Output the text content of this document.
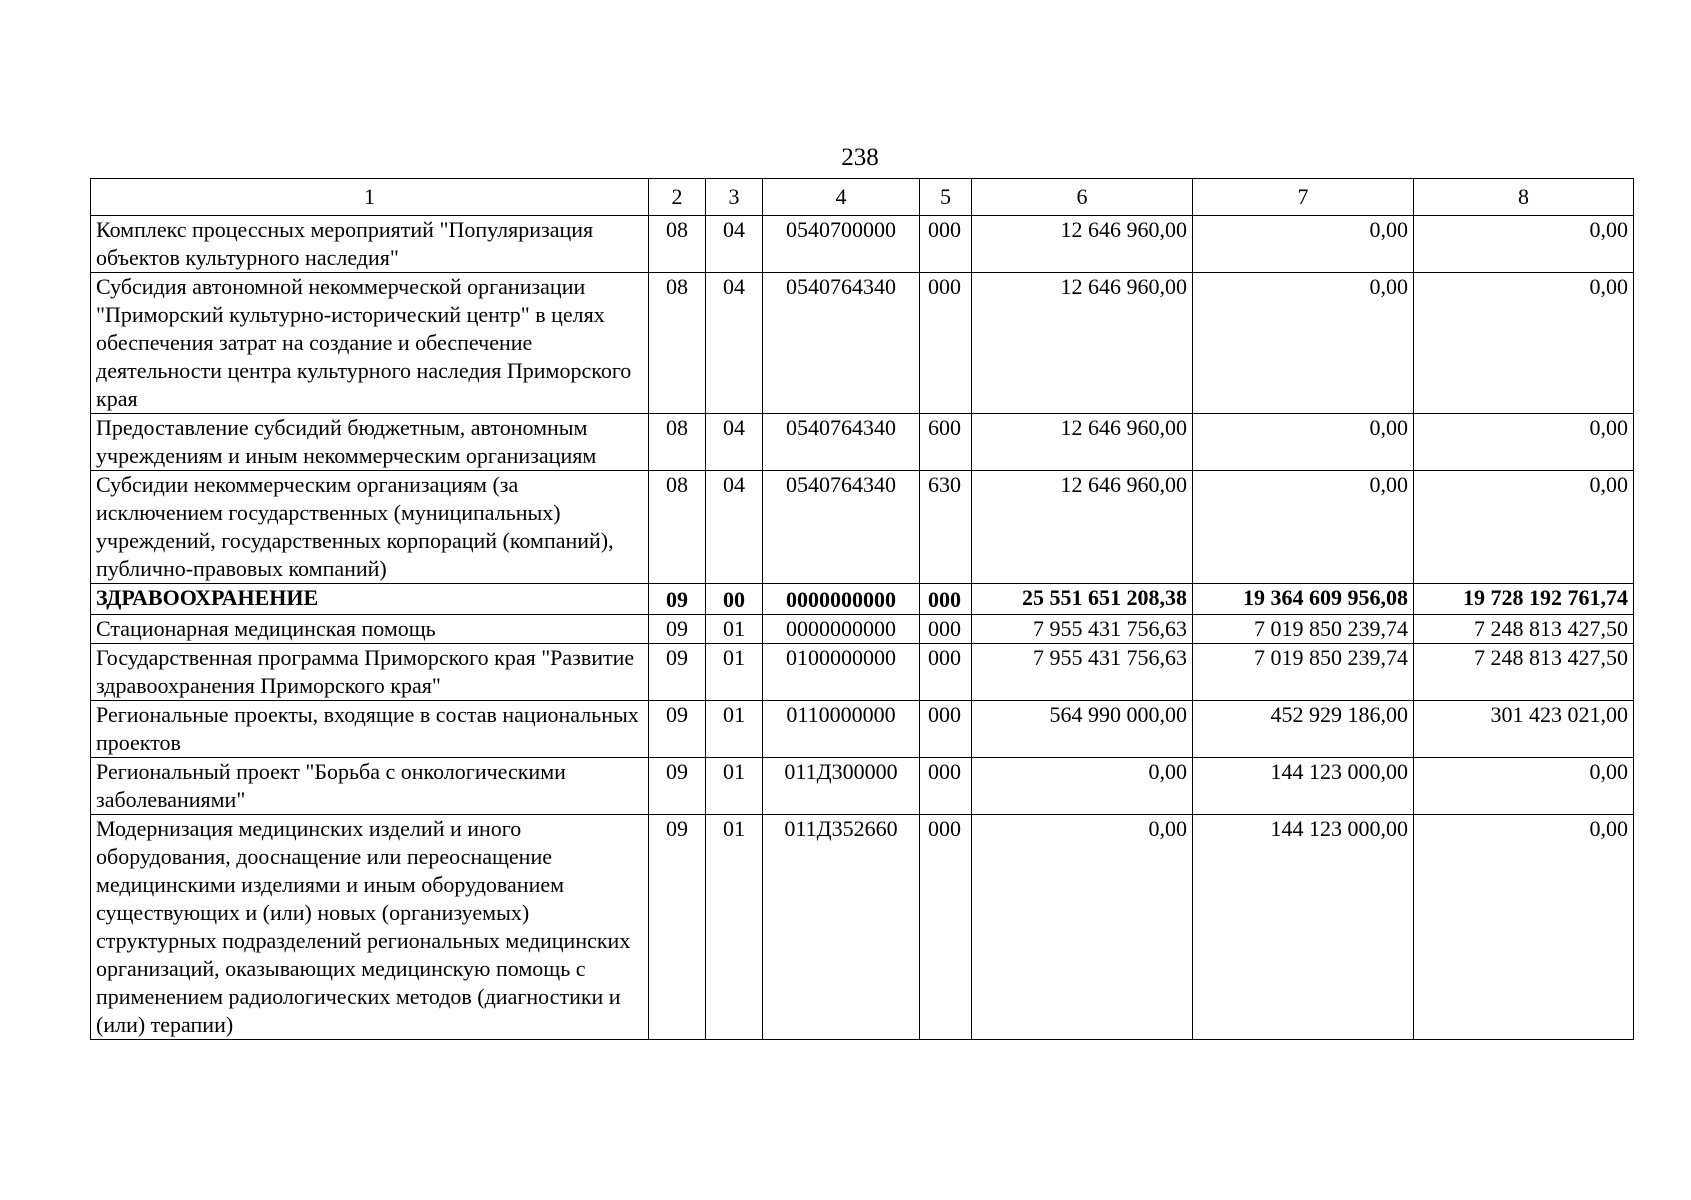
238
1	2	3	4	5	6	7	8
Комплекс процессных мероприятий "Популяризация объектов культурного наследия"	08	04	0540700000	000	12 646 960,00	0,00	0,00
Субсидия автономной некоммерческой организации "Приморский культурно-исторический центр" в целях обеспечения затрат на создание и обеспечение деятельности центра культурного наследия Приморского края	08	04	0540764340	000	12 646 960,00	0,00	0,00
Предоставление субсидий бюджетным, автономным учреждениям и иным некоммерческим организациям	08	04	0540764340	600	12 646 960,00	0,00	0,00
Субсидии некоммерческим организациям (за исключением государственных (муниципальных) учреждений, государственных корпораций (компаний), публично-правовых компаний)	08	04	0540764340	630	12 646 960,00	0,00	0,00
ЗДРАВООХРАНЕНИЕ	09	00	0000000000	000	25 551 651 208,38	19 364 609 956,08	19 728 192 761,74
Стационарная медицинская помощь	09	01	0000000000	000	7 955 431 756,63	7 019 850 239,74	7 248 813 427,50
Государственная программа Приморского края "Развитие здравоохранения Приморского края"	09	01	0100000000	000	7 955 431 756,63	7 019 850 239,74	7 248 813 427,50
Региональные проекты, входящие в состав национальных проектов	09	01	0110000000	000	564 990 000,00	452 929 186,00	301 423 021,00
Региональный проект "Борьба с онкологическими заболеваниями"	09	01	011Д300000	000	0,00	144 123 000,00	0,00
Модернизация медицинских изделий и иного оборудования, дооснащение или переоснащение медицинскими изделиями и иным оборудованием существующих и (или) новых (организуемых) структурных подразделений региональных медицинских организаций, оказывающих медицинскую помощь с применением радиологических методов (диагностики и (или) терапии)	09	01	011Д352660	000	0,00	144 123 000,00	0,00
